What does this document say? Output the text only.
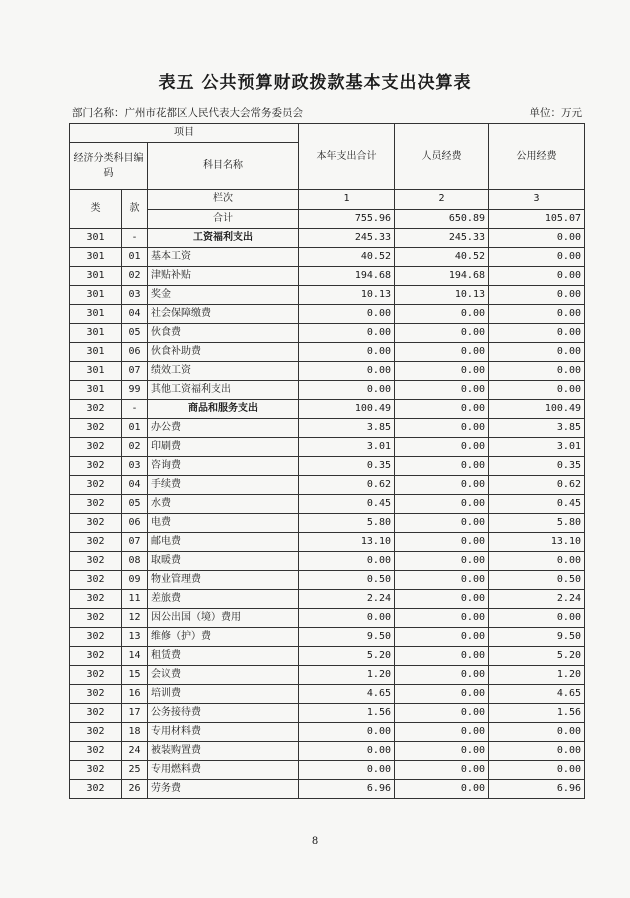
表五 公共预算财政拨款基本支出决算表
部门名称：广州市花都区人民代表大会常务委员会	单位：万元
项目			本年支出合计	人员经费	公用经费
经济分类科目编码		科目名称			

类	款	栏次	1	2	3
		合计	755.96	650.89	105.07
301	-	工资福利支出	245.33	245.33	0.00
301	01	基本工资	40.52	40.52	0.00
301	02	津贴补贴	194.68	194.68	0.00
301	03	奖金	10.13	10.13	0.00
301	04	社会保障缴费	0.00	0.00	0.00
301	05	伙食费	0.00	0.00	0.00
301	06	伙食补助费	0.00	0.00	0.00
301	07	绩效工资	0.00	0.00	0.00
301	99	其他工资福利支出	0.00	0.00	0.00
302	-	商品和服务支出	100.49	0.00	100.49
302	01	办公费	3.85	0.00	3.85
302	02	印刷费	3.01	0.00	3.01
302	03	咨询费	0.35	0.00	0.35
302	04	手续费	0.62	0.00	0.62
302	05	水费	0.45	0.00	0.45
302	06	电费	5.80	0.00	5.80
302	07	邮电费	13.10	0.00	13.10
302	08	取暖费	0.00	0.00	0.00
302	09	物业管理费	0.50	0.00	0.50
302	11	差旅费	2.24	0.00	2.24
302	12	因公出国（境）费用	0.00	0.00	0.00
302	13	维修（护）费	9.50	0.00	9.50
302	14	租赁费	5.20	0.00	5.20
302	15	会议费	1.20	0.00	1.20
302	16	培训费	4.65	0.00	4.65
302	17	公务接待费	1.56	0.00	1.56
302	18	专用材料费	0.00	0.00	0.00
302	24	被装购置费	0.00	0.00	0.00
302	25	专用燃料费	0.00	0.00	0.00
302	26	劳务费	6.96	0.00	6.96
8
